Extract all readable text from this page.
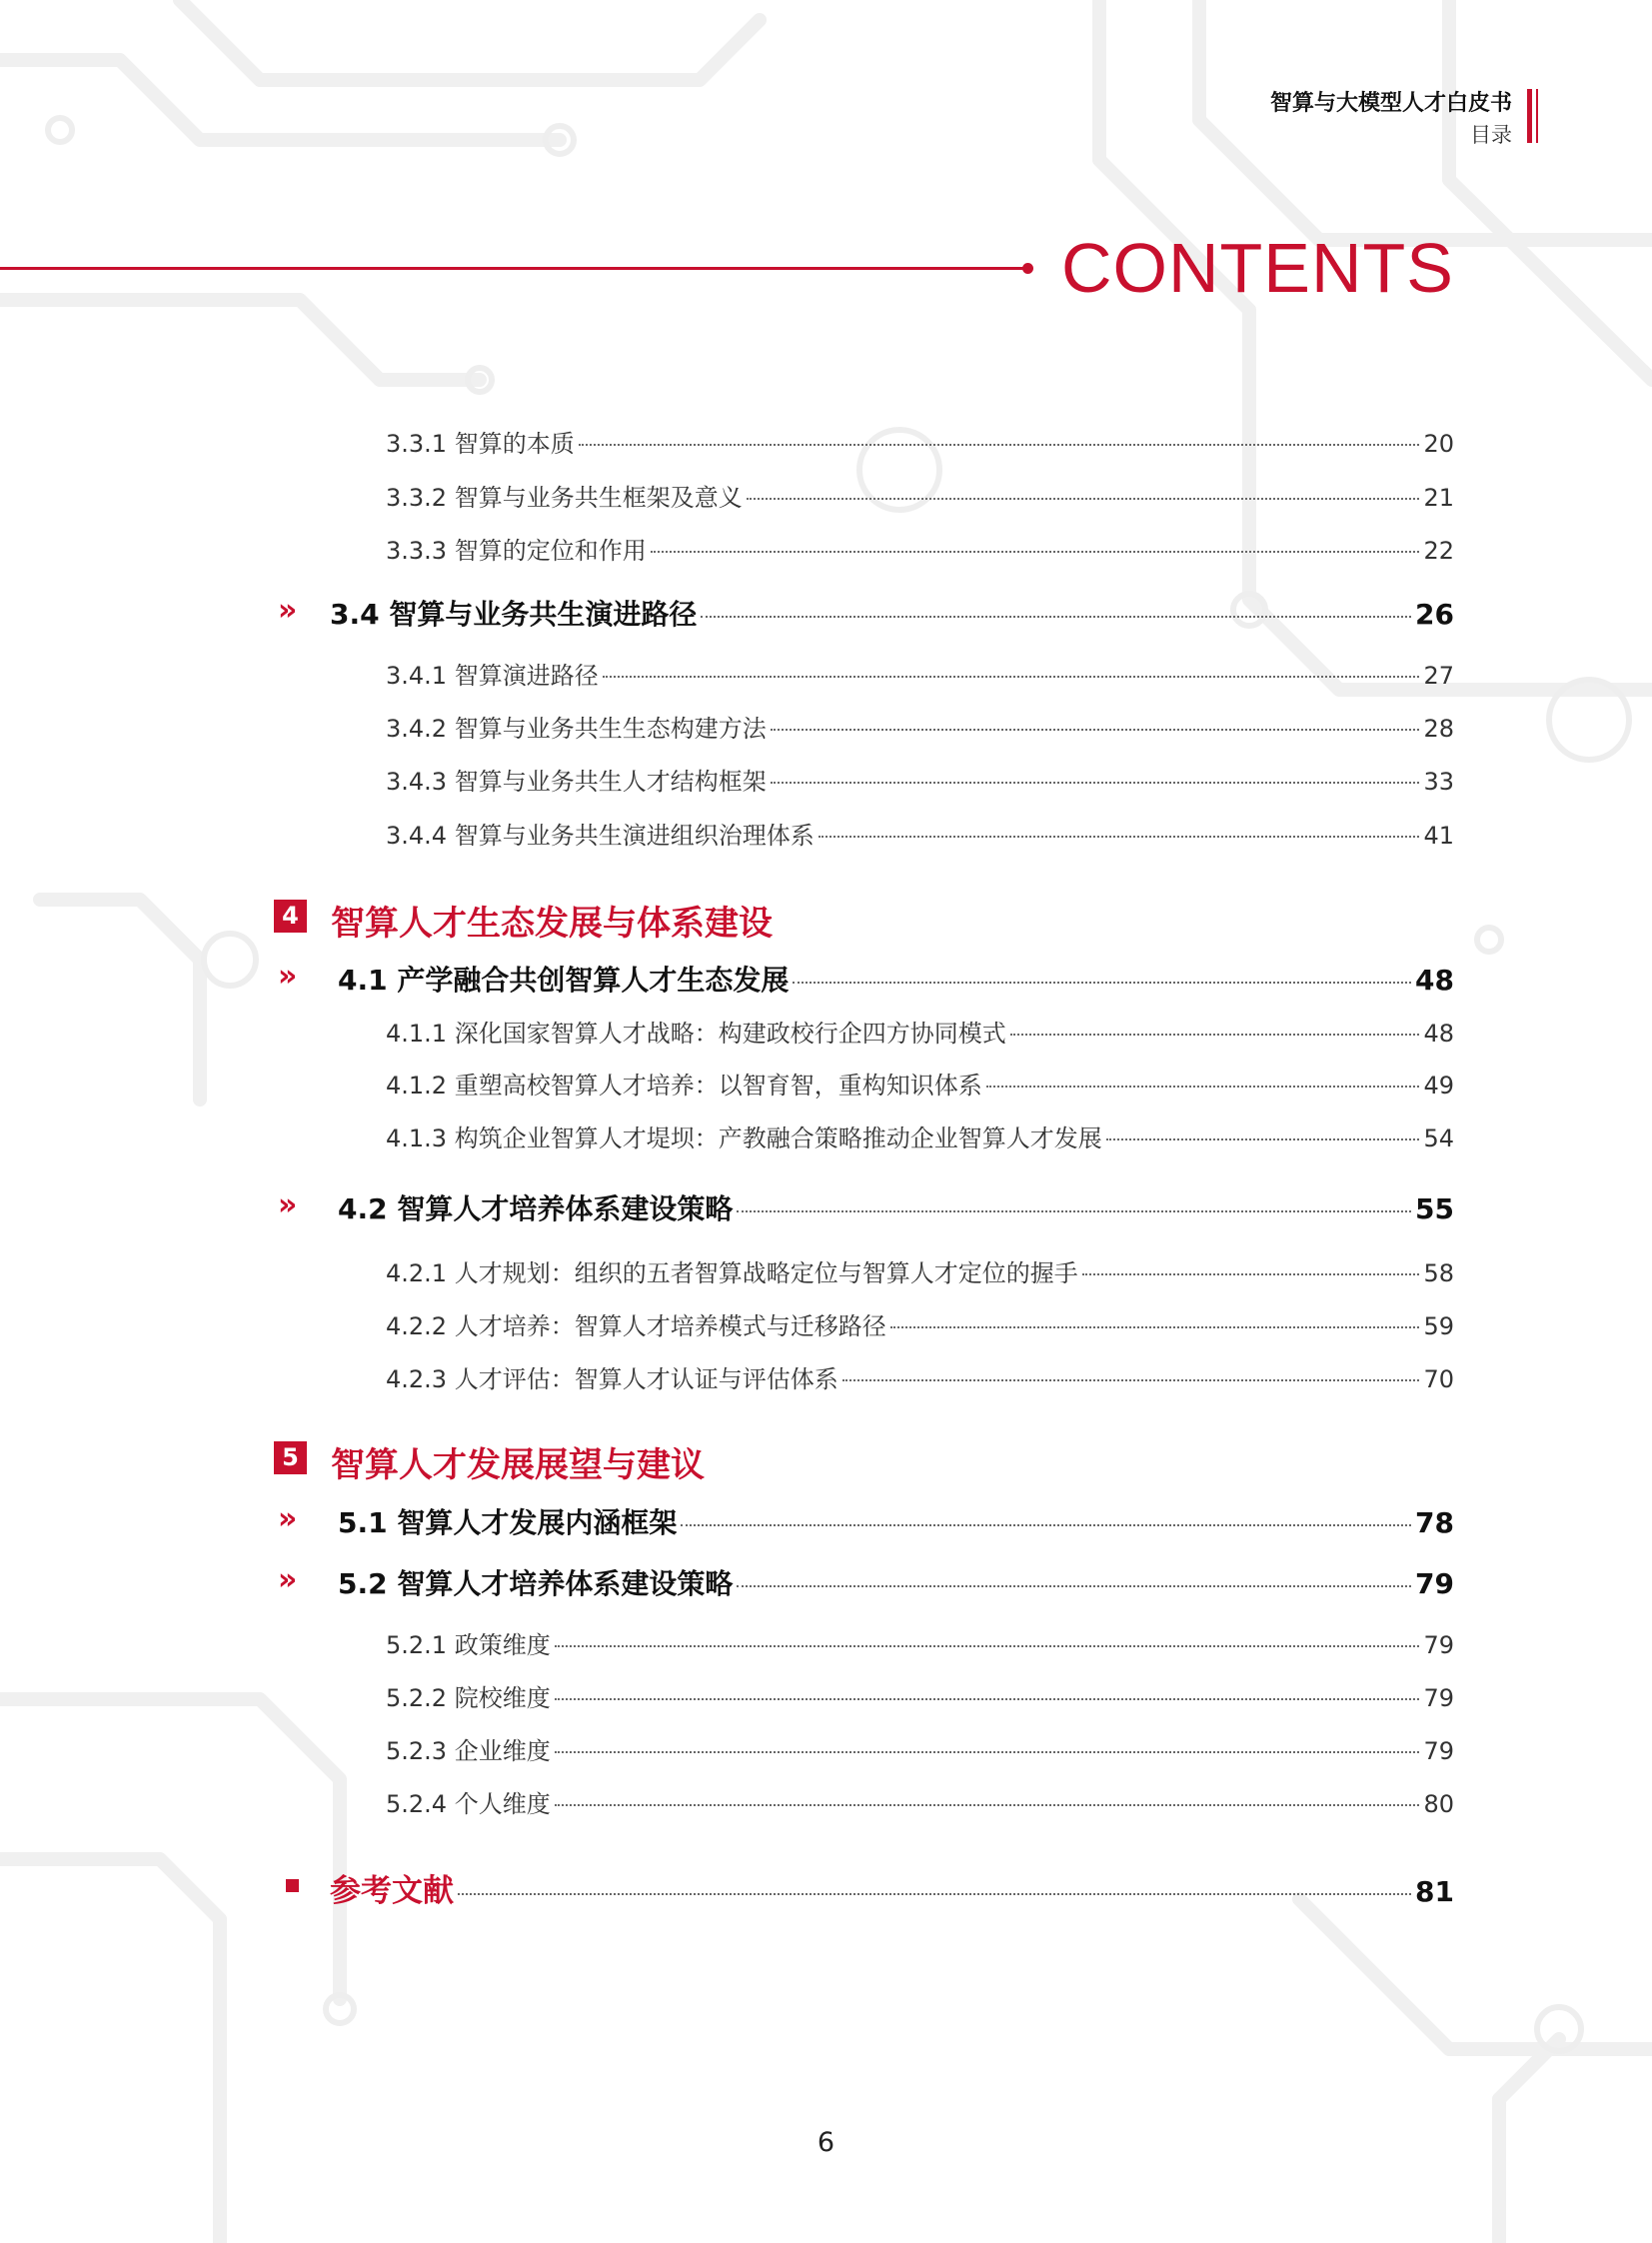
智算与大模型人才白皮书
目录
CONTENTS
3.3.1 智算的本质	20
3.3.2 智算与业务共生框架及意义	21
3.3.3 智算的定位和作用	22
» 3.4 智算与业务共生演进路径	26
3.4.1 智算演进路径	27
3.4.2 智算与业务共生生态构建方法	28
3.4.3 智算与业务共生人才结构框架	33
3.4.4 智算与业务共生演进组织治理体系	41
4 智算人才生态发展与体系建设
» 4.1 产学融合共创智算人才生态发展	48
4.1.1 深化国家智算人才战略：构建政校行企四方协同模式	48
4.1.2 重塑高校智算人才培养：以智育智，重构知识体系	49
4.1.3 构筑企业智算人才堤坝：产教融合策略推动企业智算人才发展	54
» 4.2 智算人才培养体系建设策略	55
4.2.1 人才规划：组织的五者智算战略定位与智算人才定位的握手	58
4.2.2 人才培养：智算人才培养模式与迁移路径	59
4.2.3 人才评估：智算人才认证与评估体系	70
5 智算人才发展展望与建议
» 5.1 智算人才发展内涵框架	78
» 5.2 智算人才培养体系建设策略	79
5.2.1 政策维度	79
5.2.2 院校维度	79
5.2.3 企业维度	79
5.2.4 个人维度	80
参考文献	81
6
